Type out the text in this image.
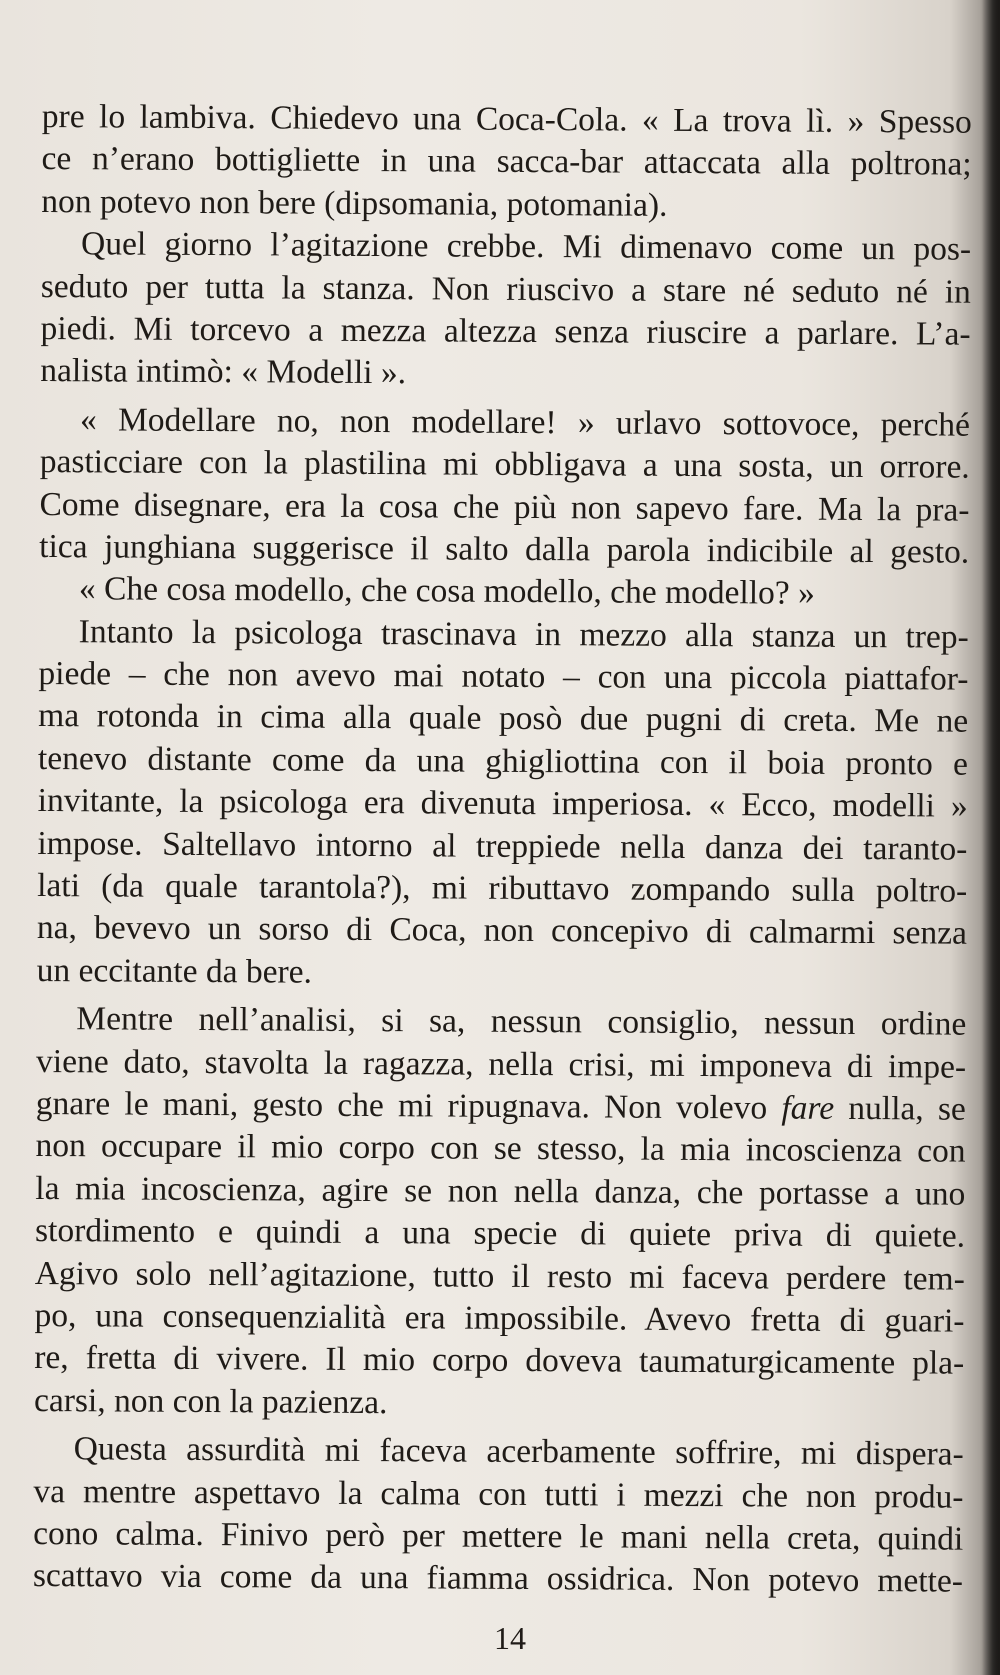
pre lo lambiva. Chiedevo una Coca-Cola. « La trova lì. » Spesso
ce n’erano bottigliette in una sacca-bar attaccata alla poltrona;
non potevo non bere (dipsomania, potomania).
Quel giorno l’agitazione crebbe. Mi dimenavo come un pos-
seduto per tutta la stanza. Non riuscivo a stare né seduto né in
piedi. Mi torcevo a mezza altezza senza riuscire a parlare. L’a-
nalista intimò: « Modelli ».
« Modellare no, non modellare! » urlavo sottovoce, perché
pasticciare con la plastilina mi obbligava a una sosta, un orrore.
Come disegnare, era la cosa che più non sapevo fare. Ma la pra-
tica junghiana suggerisce il salto dalla parola indicibile al gesto.
« Che cosa modello, che cosa modello, che modello? »
Intanto la psicologa trascinava in mezzo alla stanza un trep-
piede – che non avevo mai notato – con una piccola piattafor-
ma rotonda in cima alla quale posò due pugni di creta. Me ne
tenevo distante come da una ghigliottina con il boia pronto e
invitante, la psicologa era divenuta imperiosa. « Ecco, modelli »
impose. Saltellavo intorno al treppiede nella danza dei taranto-
lati (da quale tarantola?), mi ributtavo zompando sulla poltro-
na, bevevo un sorso di Coca, non concepivo di calmarmi senza
un eccitante da bere.
Mentre nell’analisi, si sa, nessun consiglio, nessun ordine
viene dato, stavolta la ragazza, nella crisi, mi imponeva di impe-
gnare le mani, gesto che mi ripugnava. Non volevo fare nulla, se
non occupare il mio corpo con se stesso, la mia incoscienza con
la mia incoscienza, agire se non nella danza, che portasse a uno
stordimento e quindi a una specie di quiete priva di quiete.
Agivo solo nell’agitazione, tutto il resto mi faceva perdere tem-
po, una consequenzialità era impossibile. Avevo fretta di guari-
re, fretta di vivere. Il mio corpo doveva taumaturgicamente pla-
carsi, non con la pazienza.
Questa assurdità mi faceva acerbamente soffrire, mi dispera-
va mentre aspettavo la calma con tutti i mezzi che non produ-
cono calma. Finivo però per mettere le mani nella creta, quindi
scattavo via come da una fiamma ossidrica. Non potevo mette-
14
